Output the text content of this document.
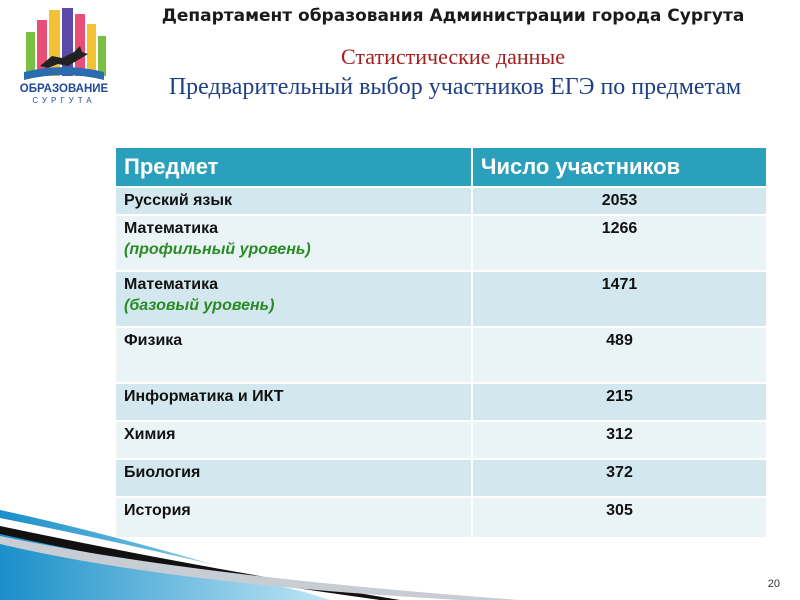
ОБРАЗОВАНИЕ
СУРГУТА
Департамент образования Администрации города Сургута
Статистические данные
Предварительный выбор участников ЕГЭ по предметам
Предмет	Число участников
Русский язык	2053
Математика
(профильный уровень)	1266
Математика
(базовый уровень)	1471
Физика	489
Информатика и ИКТ	215
Химия	312
Биология	372
История	305
20
